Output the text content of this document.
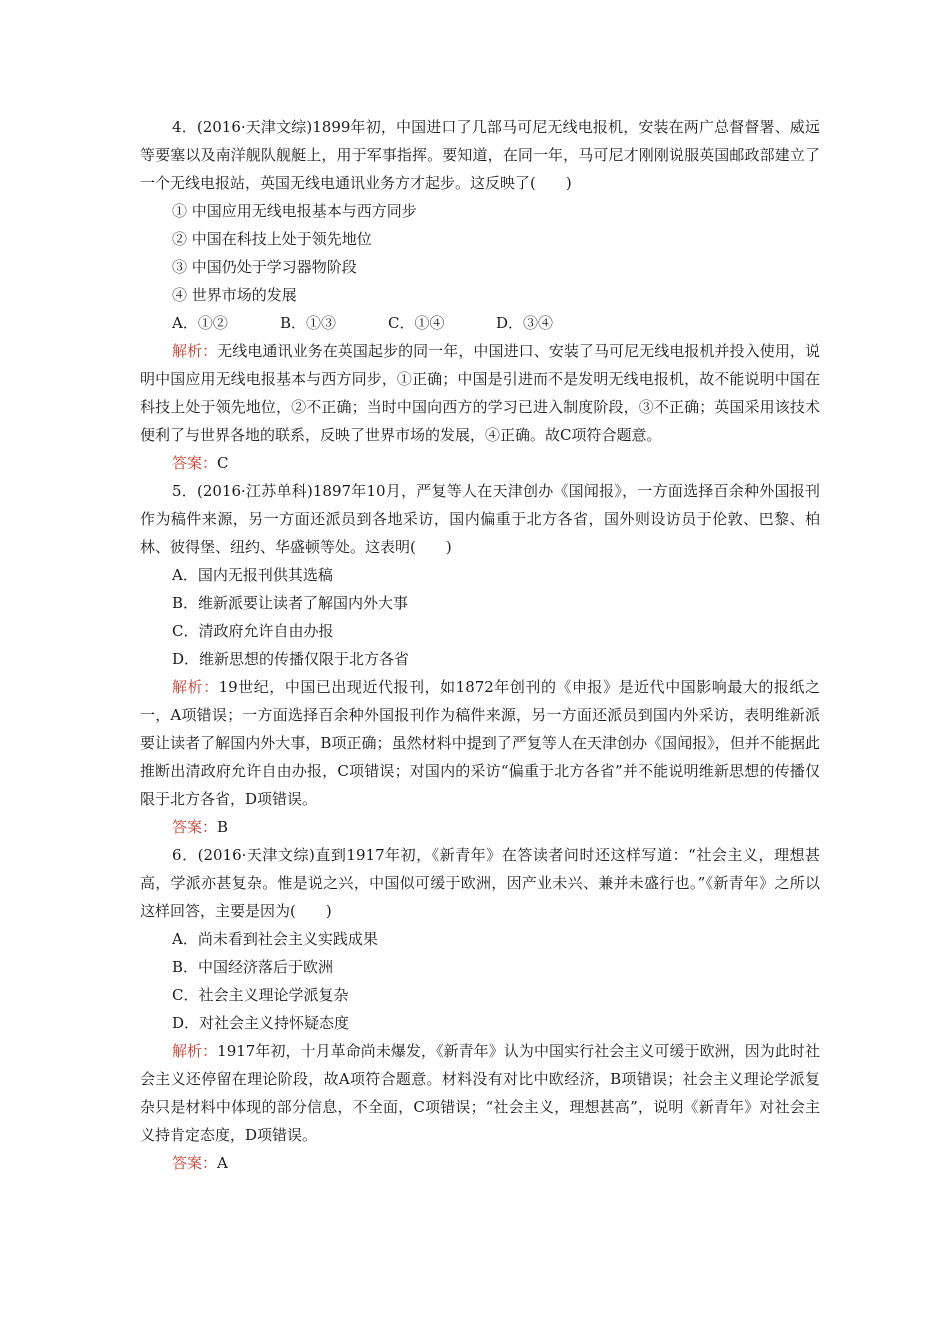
4．(2016·天津文综)1899年初，中国进口了几部马可尼无线电报机，安装在两广总督督署、威远等要塞以及南洋舰队舰艇上，用于军事指挥。要知道，在同一年，马可尼才刚刚说服英国邮政部建立了一个无线电报站，英国无线电通讯业务方才起步。这反映了(　　)

① 中国应用无线电报基本与西方同步

② 中国在科技上处于领先地位

③ 中国仍处于学习器物阶段

④ 世界市场的发展

A．①②	B．①③	C．①④	D．③④

解析：无线电通讯业务在英国起步的同一年，中国进口、安装了马可尼无线电报机并投入使用，说明中国应用无线电报基本与西方同步，①正确；中国是引进而不是发明无线电报机，故不能说明中国在科技上处于领先地位，②不正确；当时中国向西方的学习已进入制度阶段，③不正确；英国采用该技术便利了与世界各地的联系，反映了世界市场的发展，④正确。故C项符合题意。

答案：C

5．(2016·江苏单科)1897年10月，严复等人在天津创办《国闻报》，一方面选择百余种外国报刊作为稿件来源，另一方面还派员到各地采访，国内偏重于北方各省，国外则设访员于伦敦、巴黎、柏林、彼得堡、纽约、华盛顿等处。这表明(　　)

A．国内无报刊供其选稿

B．维新派要让读者了解国内外大事

C．清政府允许自由办报

D．维新思想的传播仅限于北方各省

解析：19世纪，中国已出现近代报刊，如1872年创刊的《申报》是近代中国影响最大的报纸之一，A项错误；一方面选择百余种外国报刊作为稿件来源，另一方面还派员到国内外采访，表明维新派要让读者了解国内外大事，B项正确；虽然材料中提到了严复等人在天津创办《国闻报》，但并不能据此推断出清政府允许自由办报，C项错误；对国内的采访“偏重于北方各省”并不能说明维新思想的传播仅限于北方各省，D项错误。

答案：B

6．(2016·天津文综)直到1917年初，《新青年》在答读者问时还这样写道：“社会主义，理想甚高，学派亦甚复杂。惟是说之兴，中国似可缓于欧洲，因产业未兴、兼并未盛行也。”《新青年》之所以这样回答，主要是因为(　　)

A．尚未看到社会主义实践成果

B．中国经济落后于欧洲

C．社会主义理论学派复杂

D．对社会主义持怀疑态度

解析：1917年初，十月革命尚未爆发，《新青年》认为中国实行社会主义可缓于欧洲，因为此时社会主义还停留在理论阶段，故A项符合题意。材料没有对比中欧经济，B项错误；社会主义理论学派复杂只是材料中体现的部分信息，不全面，C项错误；“社会主义，理想甚高”，说明《新青年》对社会主义持肯定态度，D项错误。

答案：A
